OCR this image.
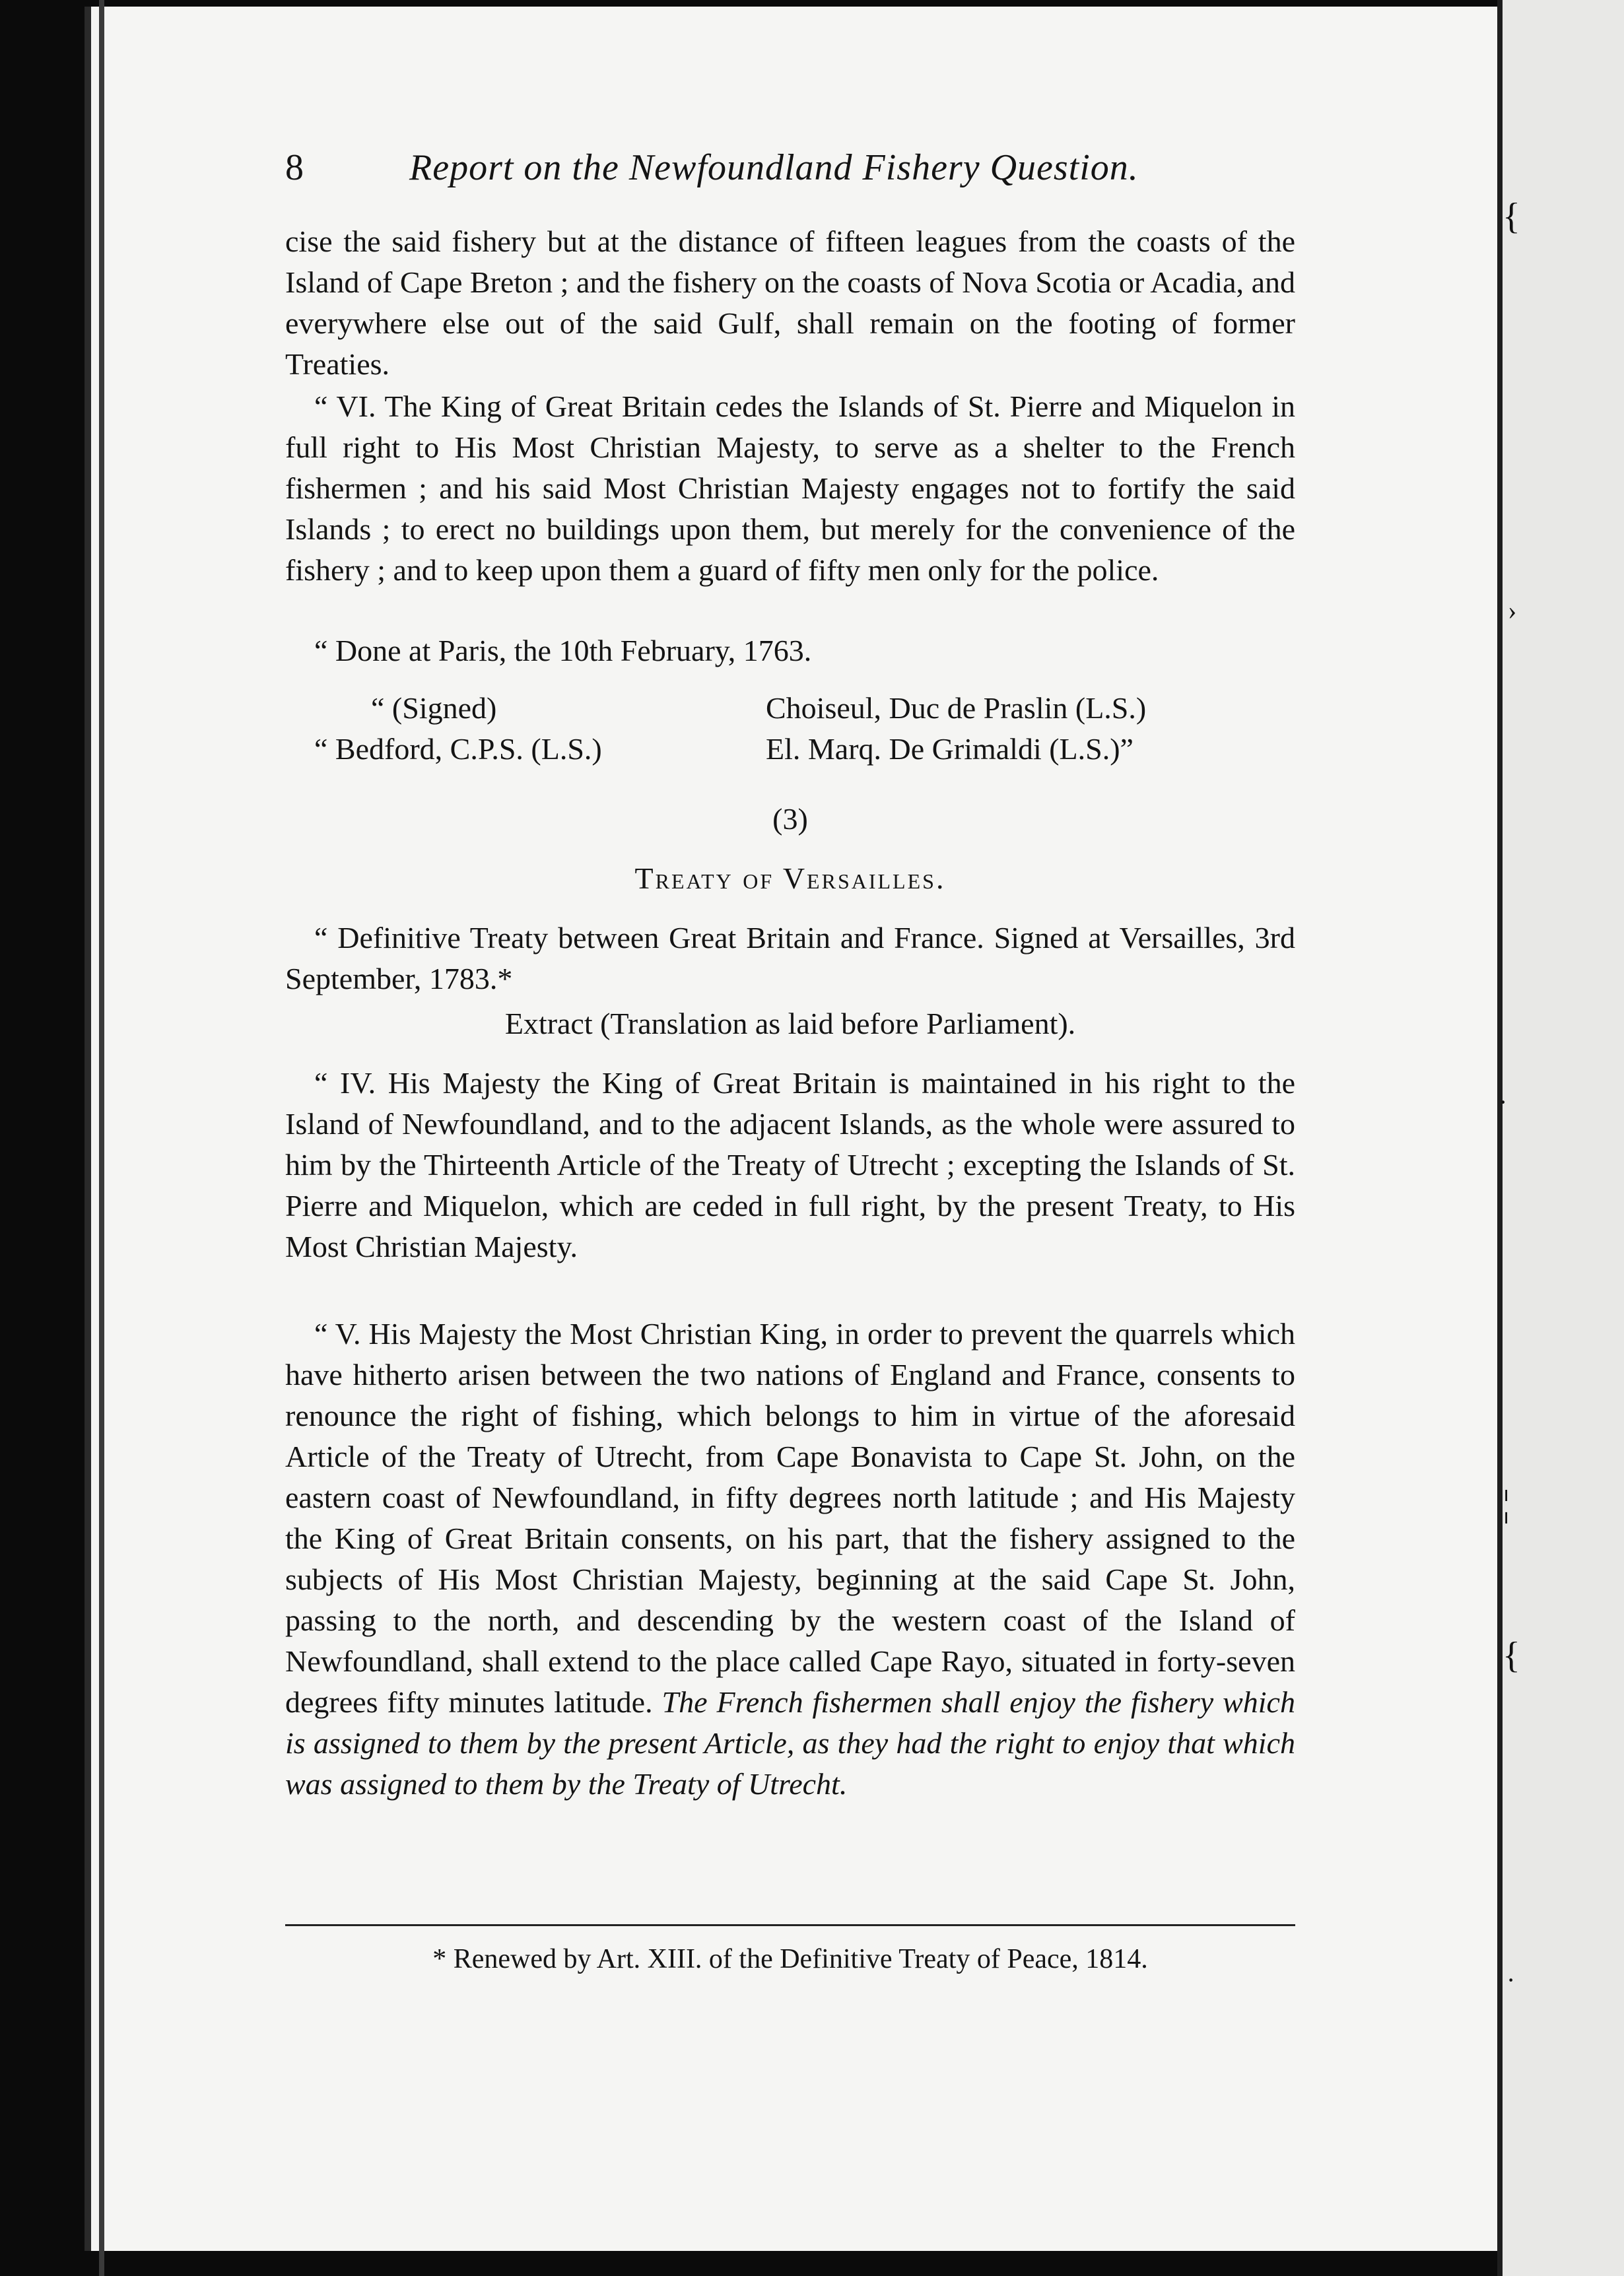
{
›
·
¦
{
·
8	Report on the Newfoundland Fishery Question.
cise the said fishery but at the distance of fifteen leagues from the coasts of the Island of Cape Breton ; and the fishery on the coasts of Nova Scotia or Acadia, and everywhere else out of the said Gulf, shall remain on the footing of former Treaties.
“ VI. The King of Great Britain cedes the Islands of St. Pierre and Miquelon in full right to His Most Christian Majesty, to serve as a shelter to the French fishermen ; and his said Most Christian Majesty engages not to fortify the said Islands ; to erect no buildings upon them, but merely for the convenience of the fishery ; and to keep upon them a guard of fifty men only for the police.
“ Done at Paris, the 10th February, 1763.
“ (Signed)	Choiseul, Duc de Praslin (L.S.)
“ Bedford, C.P.S. (L.S.)	El. Marq. De Grimaldi (L.S.)”
(3)
Treaty of Versailles.
“ Definitive Treaty between Great Britain and France. Signed at Versailles, 3rd September, 1783.*
Extract (Translation as laid before Parliament).
“ IV. His Majesty the King of Great Britain is maintained in his right to the Island of Newfoundland, and to the adjacent Islands, as the whole were assured to him by the Thirteenth Article of the Treaty of Utrecht ; excepting the Islands of St. Pierre and Miquelon, which are ceded in full right, by the present Treaty, to His Most Christian Majesty.
“ V. His Majesty the Most Christian King, in order to prevent the quarrels which have hitherto arisen between the two nations of England and France, consents to renounce the right of fishing, which belongs to him in virtue of the aforesaid Article of the Treaty of Utrecht, from Cape Bonavista to Cape St. John, on the eastern coast of Newfoundland, in fifty degrees north latitude ; and His Majesty the King of Great Britain consents, on his part, that the fishery assigned to the subjects of His Most Christian Majesty, beginning at the said Cape St. John, passing to the north, and descending by the western coast of the Island of Newfoundland, shall extend to the place called Cape Rayo, situated in forty-seven degrees fifty minutes latitude. The French fishermen shall enjoy the fishery which is assigned to them by the present Article, as they had the right to enjoy that which was assigned to them by the Treaty of Utrecht.
* Renewed by Art. XIII. of the Definitive Treaty of Peace, 1814.
